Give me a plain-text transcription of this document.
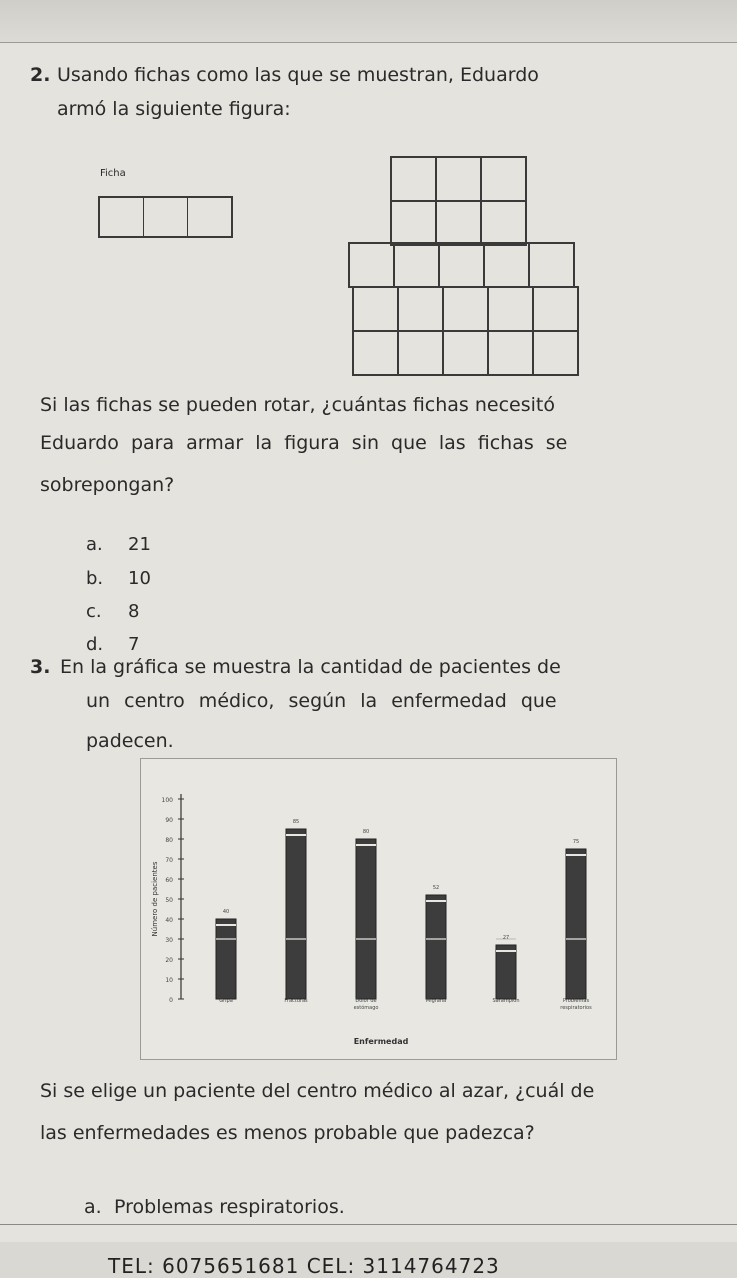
2. Usando fichas como las que se muestran, Eduardo
armó la siguiente figura:
Ficha
Si las fichas se pueden rotar, ¿cuántas fichas necesitó
Eduardo para armar la figura sin que las fichas se
sobrepongan?
a. 21
b. 10
c. 8
d. 7
3. En la gráfica se muestra la cantidad de pacientes de
un centro médico, según la enfermedad que
padecen.
0
10
20
30
40
50
60
70
80
90
100
Número de pacientes	40
Gripa
85
Fracturas
80
Dolor de
estómago
52
Migraña
27
Sarampión
75
Problemas
respiratorios
Enfermedad
Si se elige un paciente del centro médico al azar, ¿cuál de
las enfermedades es menos probable que padezca?
a. Problemas respiratorios.
TEL: 6075651681 CEL: 3114764723
